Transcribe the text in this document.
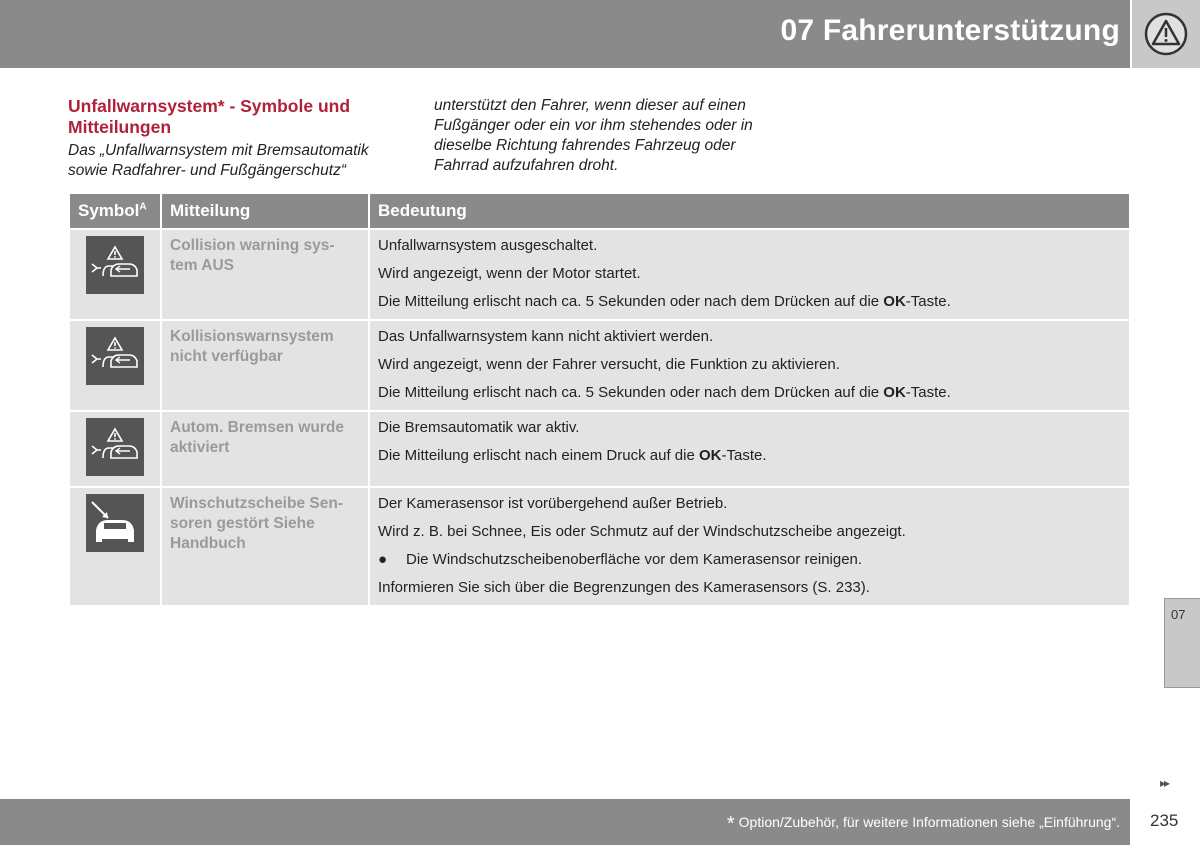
07 Fahrerunterstützung
Unfallwarnsystem* - Symbole und Mitteilungen
Das „Unfallwarnsystem mit Bremsautomatik sowie Radfahrer- und Fußgängerschutz“
unterstützt den Fahrer, wenn dieser auf einen Fußgänger oder ein vor ihm stehendes oder in dieselbe Richtung fahrendes Fahrzeug oder Fahrrad aufzufahren droht.
Symbol$^A$	Mitteilung	Bedeutung
	Collision warning sys-tem AUS	Unfallwarnsystem ausgeschaltet.

Wird angezeigt, wenn der Motor startet.

Die Mitteilung erlischt nach ca. 5 Sekunden oder nach dem Drücken auf die OK-Taste.

	Kollisionswarnsystem nicht verfügbar	Das Unfallwarnsystem kann nicht aktiviert werden.

Wird angezeigt, wenn der Fahrer versucht, die Funktion zu aktivieren.

Die Mitteilung erlischt nach ca. 5 Sekunden oder nach dem Drücken auf die OK-Taste.

	Autom. Bremsen wurde aktiviert	Die Bremsautomatik war aktiv.

Die Mitteilung erlischt nach einem Druck auf die OK-Taste.

	Winschutzscheibe Sen-soren gestört Siehe Handbuch	Der Kamerasensor ist vorübergehend außer Betrieb.

Wird z. B. bei Schnee, Eis oder Schmutz auf der Windschutzscheibe angezeigt.

● Die Windschutzscheibenoberfläche vor dem Kamerasensor reinigen.

Informieren Sie sich über die Begrenzungen des Kamerasensors (S. 233).

07
▸▸
* Option/Zubehör, für weitere Informationen siehe „Einführung“. 235
